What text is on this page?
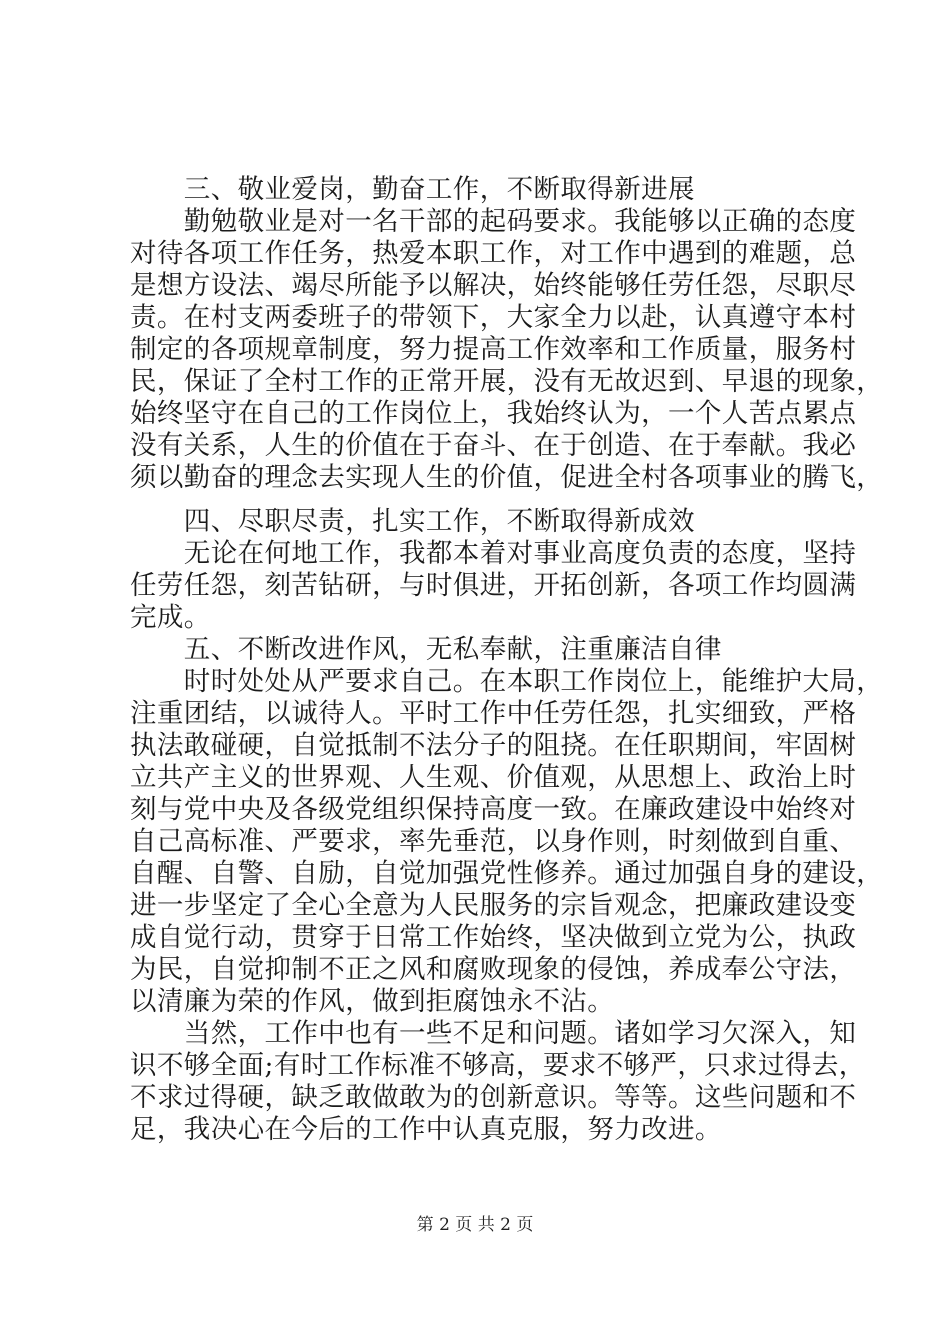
　　三、敬业爱岗，勤奋工作，不断取得新进展
　　勤勉敬业是对一名干部的起码要求。我能够以正确的态度
对待各项工作任务，热爱本职工作，对工作中遇到的难题，总
是想方设法、竭尽所能予以解决，始终能够任劳任怨，尽职尽
责。在村支两委班子的带领下，大家全力以赴，认真遵守本村
制定的各项规章制度，努力提高工作效率和工作质量，服务村
民，保证了全村工作的正常开展，没有无故迟到、早退的现象，
始终坚守在自己的工作岗位上，我始终认为，一个人苦点累点
没有关系，人生的价值在于奋斗、在于创造、在于奉献。我必
须以勤奋的理念去实现人生的价值，促进全村各项事业的腾飞，
　　四、尽职尽责，扎实工作，不断取得新成效
　　无论在何地工作，我都本着对事业高度负责的态度，坚持
任劳任怨，刻苦钻研，与时俱进，开拓创新，各项工作均圆满
完成。
　　五、不断改进作风，无私奉献，注重廉洁自律
　　时时处处从严要求自己。在本职工作岗位上，能维护大局，
注重团结，以诚待人。平时工作中任劳任怨，扎实细致，严格
执法敢碰硬，自觉抵制不法分子的阻挠。在任职期间，牢固树
立共产主义的世界观、人生观、价值观，从思想上、政治上时
刻与党中央及各级党组织保持高度一致。在廉政建设中始终对
自己高标准、严要求，率先垂范，以身作则，时刻做到自重、
自醒、自警、自励，自觉加强党性修养。通过加强自身的建设，
进一步坚定了全心全意为人民服务的宗旨观念，把廉政建设变
成自觉行动，贯穿于日常工作始终，坚决做到立党为公，执政
为民，自觉抑制不正之风和腐败现象的侵蚀，养成奉公守法，
以清廉为荣的作风，做到拒腐蚀永不沾。
　　当然，工作中也有一些不足和问题。诸如学习欠深入，知
识不够全面;有时工作标准不够高，要求不够严，只求过得去，
不求过得硬，缺乏敢做敢为的创新意识。等等。这些问题和不
足，我决心在今后的工作中认真克服，努力改进。
第 2 页 共 2 页
